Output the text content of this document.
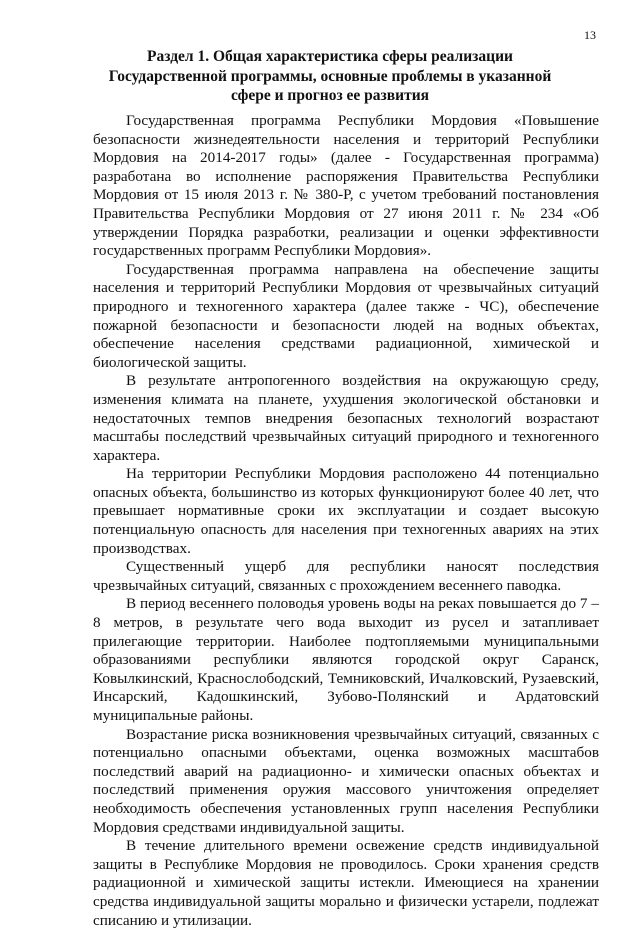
13
Раздел 1. Общая характеристика сферы реализации
Государственной программы, основные проблемы в указанной
сфере и прогноз ее развития

Государственная программа Республики Мордовия «Повышение безопасности жизнедеятельности населения и территорий Республики Мордовия на 2014-2017 годы» (далее - Государственная программа) разработана во исполнение распоряжения Правительства Республики Мордовия от 15 июля 2013 г. № 380-Р, с учетом требований постановления Правительства Республики Мордовия от 27 июня 2011 г. № 234 «Об утверждении Порядка разработки, реализации и оценки эффективности государственных программ Республики Мордовия».

Государственная программа направлена на обеспечение защиты населения и территорий Республики Мордовия от чрезвычайных ситуаций природного и техногенного характера (далее также - ЧС), обеспечение пожарной безопасности и безопасности людей на водных объектах, обеспечение населения средствами радиационной, химической и биологической защиты.

В результате антропогенного воздействия на окружающую среду, изменения климата на планете, ухудшения экологической обстановки и недостаточных темпов внедрения безопасных технологий возрастают масштабы последствий чрезвычайных ситуаций природного и техногенного характера.

На территории Республики Мордовия расположено 44 потенциально опасных объекта, большинство из которых функционируют более 40 лет, что превышает нормативные сроки их эксплуатации и создает высокую потенциальную опасность для населения при техногенных авариях на этих производствах.

Существенный ущерб для республики наносят последствия чрезвычайных ситуаций, связанных с прохождением весеннего паводка.

В период весеннего половодья уровень воды на реках повышается до 7 – 8 метров, в результате чего вода выходит из русел и затапливает прилегающие территории. Наиболее подтопляемыми муниципальными образованиями республики являются городской округ Саранск, Ковылкинский, Краснослободский, Темниковский, Ичалковский, Рузаевский, Инсарский, Кадошкинский, Зубово-Полянский и Ардатовский муниципальные районы.

Возрастание риска возникновения чрезвычайных ситуаций, связанных с потенциально опасными объектами, оценка возможных масштабов последствий аварий на радиационно- и химически опасных объектах и последствий применения оружия массового уничтожения определяет необходимость обеспечения установленных групп населения Республики Мордовия средствами индивидуальной защиты.

В течение длительного времени освежение средств индивидуальной защиты в Республике Мордовия не проводилось. Сроки хранения средств радиационной и химической защиты истекли. Имеющиеся на хранении средства индивидуальной защиты морально и физически устарели, подлежат списанию и утилизации.
